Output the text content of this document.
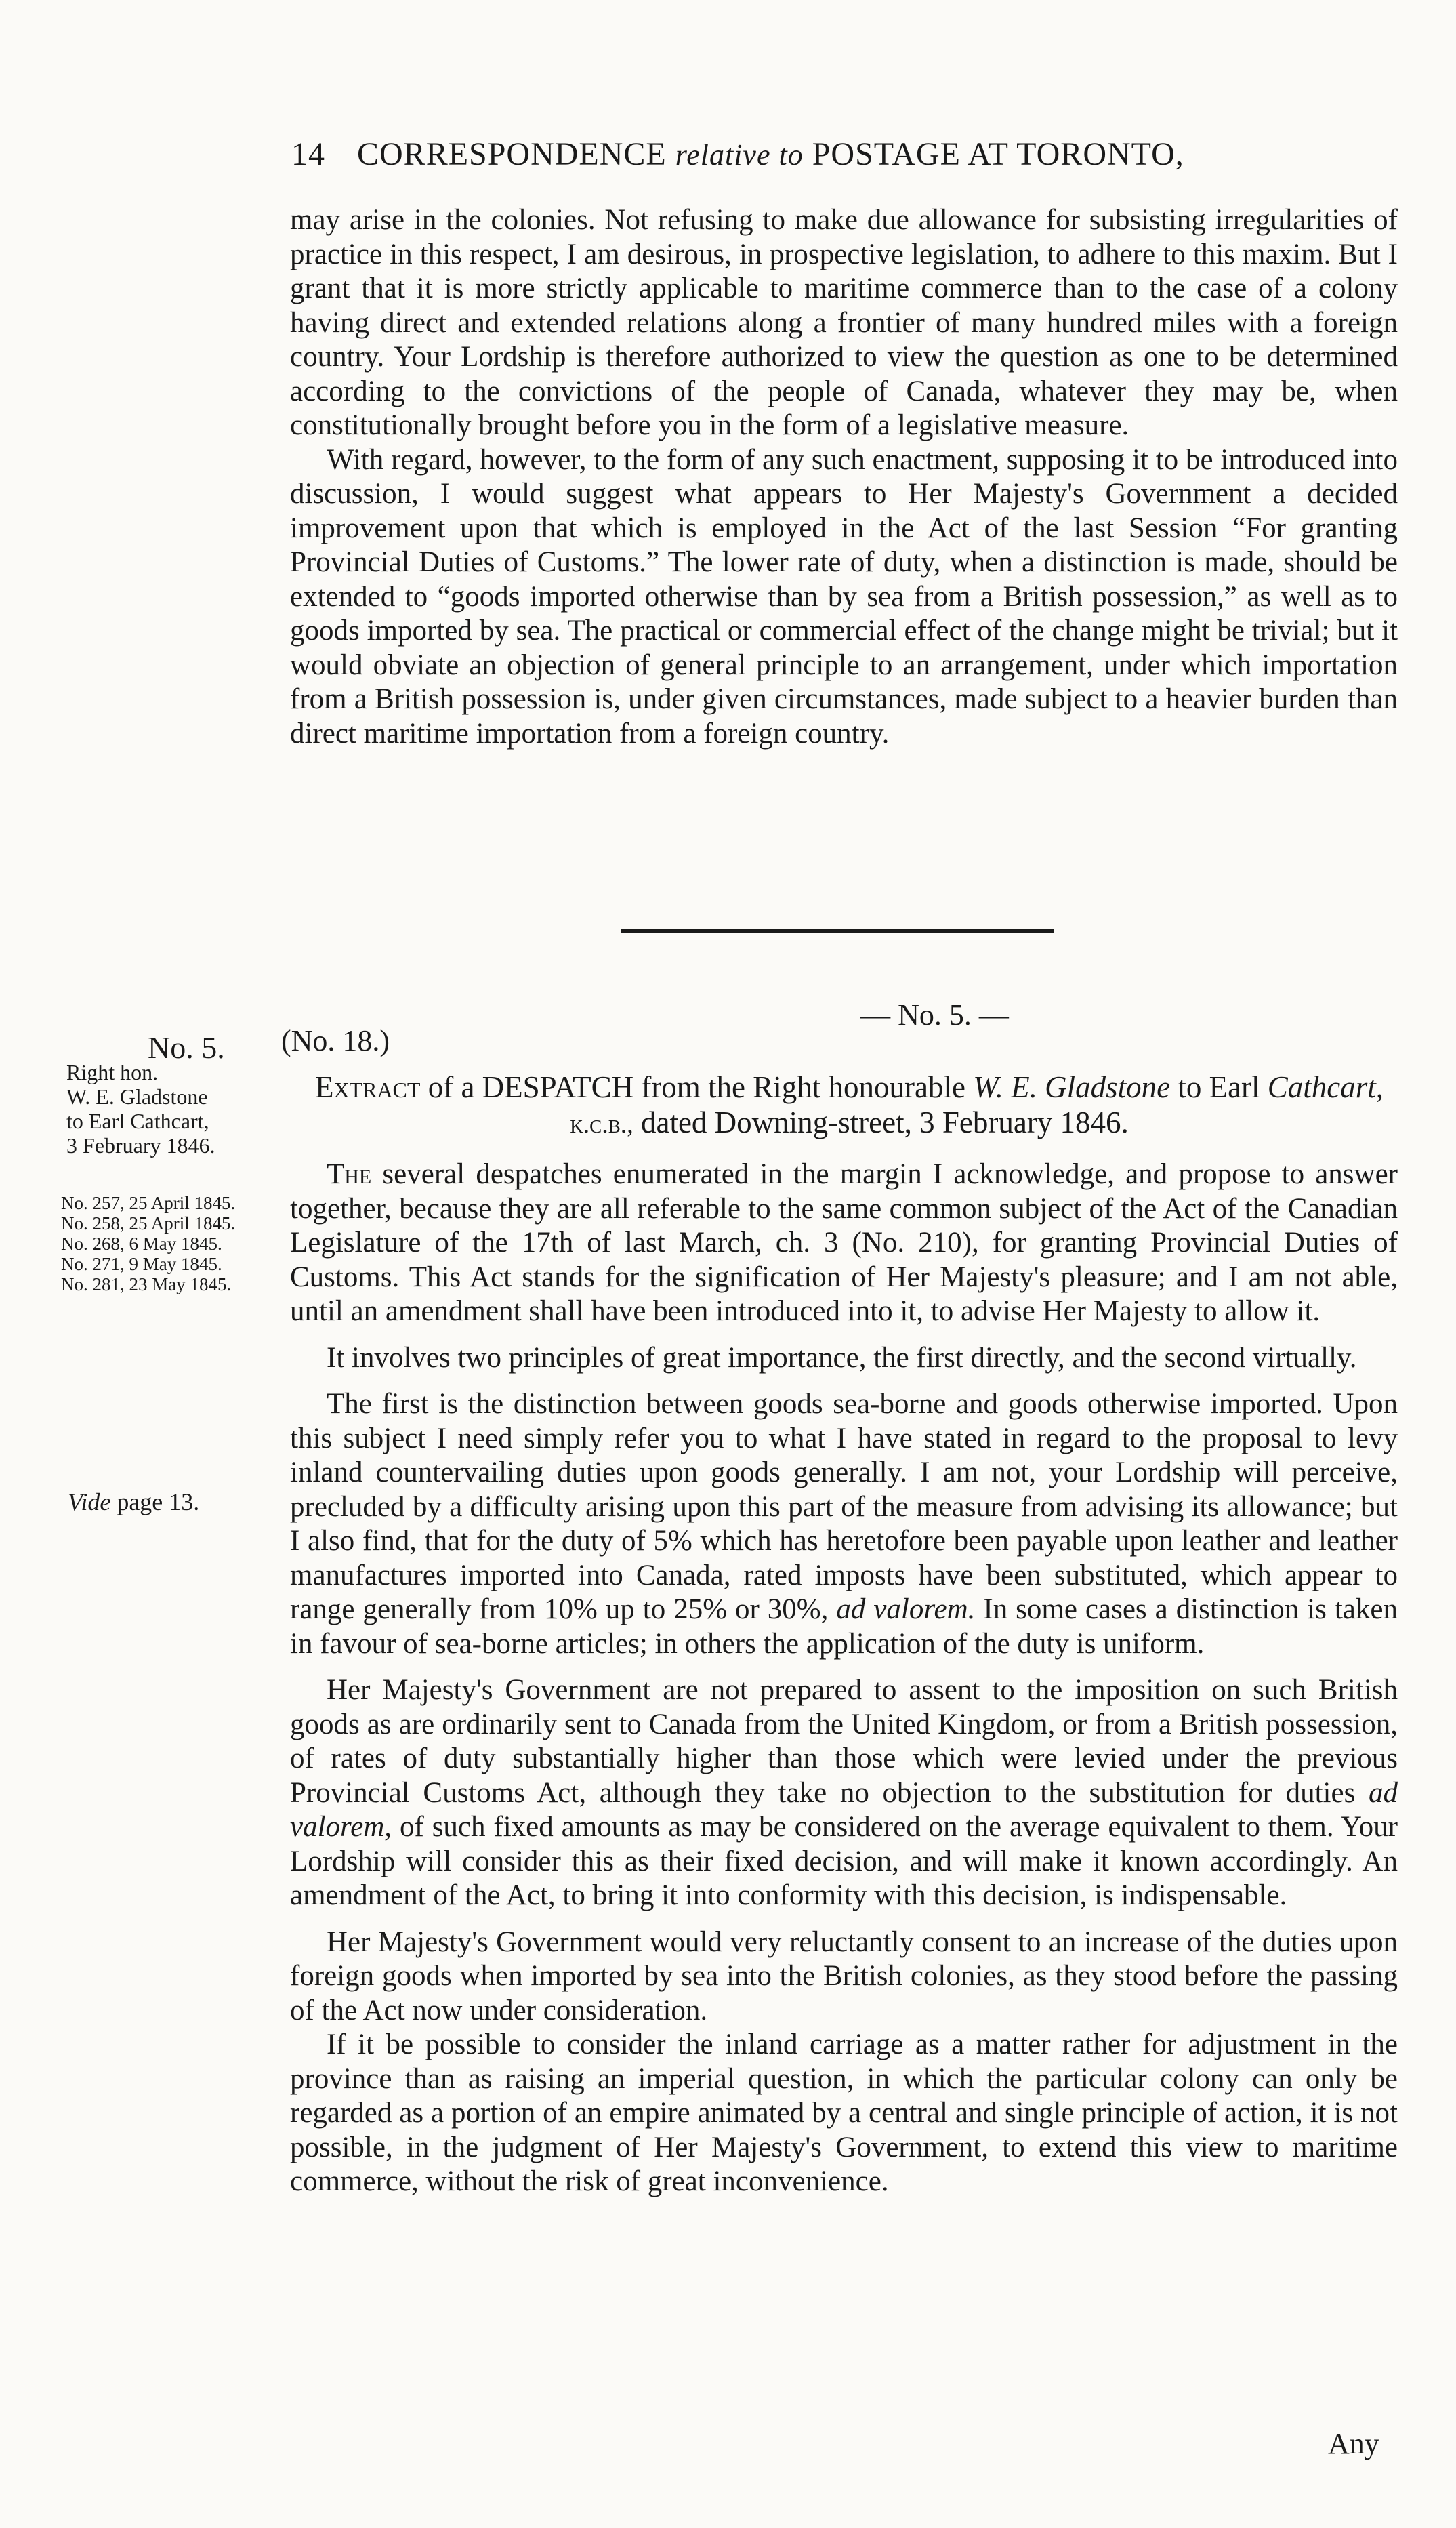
14 CORRESPONDENCE relative to POSTAGE AT TORONTO,

may arise in the colonies. Not refusing to make due allowance for subsisting irregularities of practice in this respect, I am desirous, in prospective legislation, to adhere to this maxim. But I grant that it is more strictly applicable to maritime commerce than to the case of a colony having direct and extended relations along a frontier of many hundred miles with a foreign country. Your Lordship is therefore authorized to view the question as one to be determined according to the convictions of the people of Canada, whatever they may be, when constitutionally brought before you in the form of a legislative measure.

With regard, however, to the form of any such enactment, supposing it to be introduced into discussion, I would suggest what appears to Her Majesty's Government a decided improvement upon that which is employed in the Act of the last Session “For granting Provincial Duties of Customs.” The lower rate of duty, when a distinction is made, should be extended to “goods imported otherwise than by sea from a British possession,” as well as to goods imported by sea. The practical or commercial effect of the change might be trivial; but it would obviate an objection of general principle to an arrangement, under which importation from a British possession is, under given circumstances, made subject to a heavier burden than direct maritime importation from a foreign country.

— No. 5. —
(No. 18.)
Extract of a DESPATCH from the Right honourable W. E. Gladstone to Earl Cathcart, k.c.b., dated Downing-street, 3 February 1846.
No. 5.
Right hon.
W. E. Gladstone
to Earl Cathcart,
3 February 1846.
No. 257, 25 April 1845.
No. 258, 25 April 1845.
No. 268, 6 May 1845.
No. 271, 9 May 1845.
No. 281, 23 May 1845.
Vide page 13.

The several despatches enumerated in the margin I acknowledge, and propose to answer together, because they are all referable to the same common subject of the Act of the Canadian Legislature of the 17th of last March, ch. 3 (No. 210), for granting Provincial Duties of Customs. This Act stands for the signification of Her Majesty's pleasure; and I am not able, until an amendment shall have been introduced into it, to advise Her Majesty to allow it.

It involves two principles of great importance, the first directly, and the second virtually.

The first is the distinction between goods sea-borne and goods otherwise imported. Upon this subject I need simply refer you to what I have stated in regard to the proposal to levy inland countervailing duties upon goods generally. I am not, your Lordship will perceive, precluded by a difficulty arising upon this part of the measure from advising its allowance; but I also find, that for the duty of 5% which has heretofore been payable upon leather and leather manufactures imported into Canada, rated imposts have been substituted, which appear to range generally from 10% up to 25% or 30%, ad valorem. In some cases a distinction is taken in favour of sea-borne articles; in others the application of the duty is uniform.

Her Majesty's Government are not prepared to assent to the imposition on such British goods as are ordinarily sent to Canada from the United Kingdom, or from a British possession, of rates of duty substantially higher than those which were levied under the previous Provincial Customs Act, although they take no objection to the substitution for duties ad valorem, of such fixed amounts as may be considered on the average equivalent to them. Your Lordship will consider this as their fixed decision, and will make it known accordingly. An amendment of the Act, to bring it into conformity with this decision, is indispensable.

Her Majesty's Government would very reluctantly consent to an increase of the duties upon foreign goods when imported by sea into the British colonies, as they stood before the passing of the Act now under consideration.

If it be possible to consider the inland carriage as a matter rather for adjustment in the province than as raising an imperial question, in which the particular colony can only be regarded as a portion of an empire animated by a central and single principle of action, it is not possible, in the judgment of Her Majesty's Government, to extend this view to maritime commerce, without the risk of great inconvenience.

Any
